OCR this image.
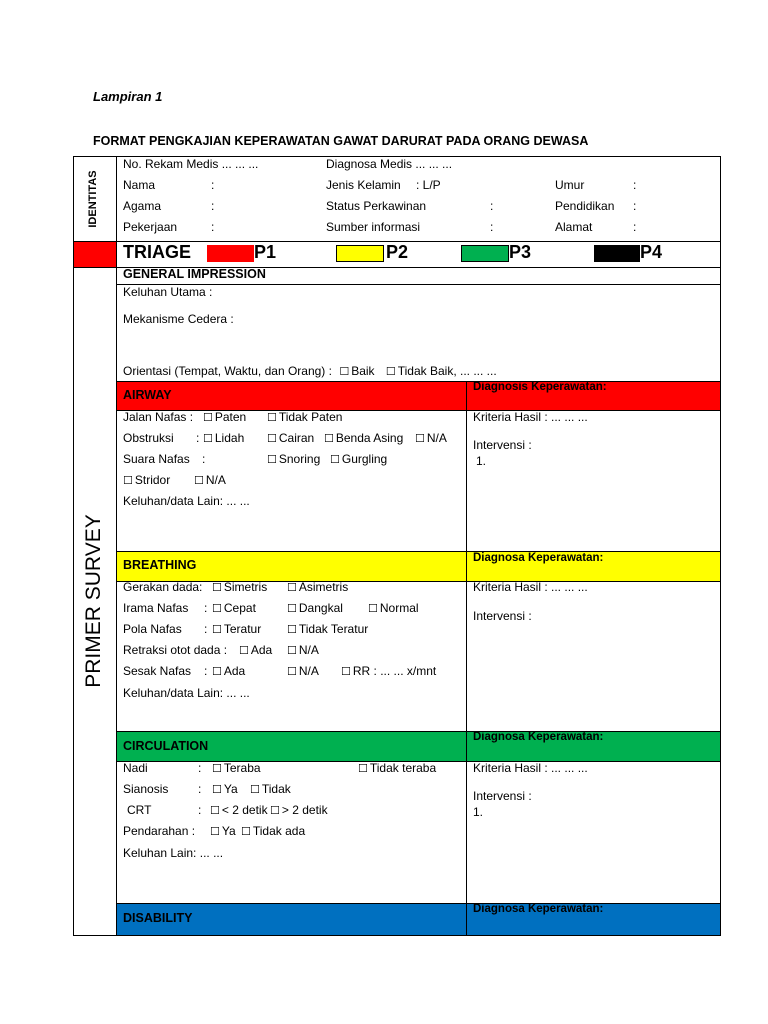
Lampiran 1
FORMAT PENGKAJIAN KEPERAWATAN GAWAT DARURAT PADA ORANG DEWASA
IDENTITAS
PRIMER SURVEY
No. Rekam Medis ... ... ...	Diagnosa Medis ... ... ...
Nama	:	Jenis Kelamin : L/P	Umur	:
Agama	:	Status Perkawinan	:	Pendidikan :
Pekerjaan	:	Sumber informasi	:	Alamat	:
TRIAGE	P1	P2	P3	P4
GENERAL IMPRESSION
Keluhan Utama :
Mekanisme Cedera :
Orientasi (Tempat, Waktu, dan Orang) : ☐ Baik ☐ Tidak Baik, ... ... ...
AIRWAY
Diagnosis Keperawatan:
Jalan Nafas : ☐	Paten ☐	Tidak Paten
Obstruksi : ☐	Lidah ☐	Cairan ☐	Benda Asing ☐	N/A
Suara Nafas : ☐	Snoring ☐	Gurgling
☐ Stridor ☐	N/A
Keluhan/data Lain: ... ...
Kriteria Hasil : ... ... ...
Intervensi :
1.
BREATHING	Diagnosa Keperawatan:
Gerakan dada: ☐	Simetris ☐	Asimetris
Irama Nafas : ☐	Cepat ☐	Dangkal ☐	Normal
Pola Nafas : ☐	Teratur ☐	Tidak Teratur
Retraksi otot dada : ☐	Ada ☐	N/A
Sesak Nafas : ☐	Ada ☐	N/A ☐	RR : ... ... x/mnt
Keluhan/data Lain: ... ...
Kriteria Hasil : ... ... ...
Intervensi :
CIRCULATION
Diagnosa Keperawatan:
Nadi	: ☐	Teraba ☐	Tidak teraba
Sianosis : ☐	Ya ☐	Tidak
CRT	: ☐	< 2 detik ☐	> 2 detik
Pendarahan : ☐	Ya ☐	Tidak ada
Keluhan Lain: ... ...
Kriteria Hasil : ... ... ...
Intervensi :
1.
DISABILITY
Diagnosa Keperawatan:
